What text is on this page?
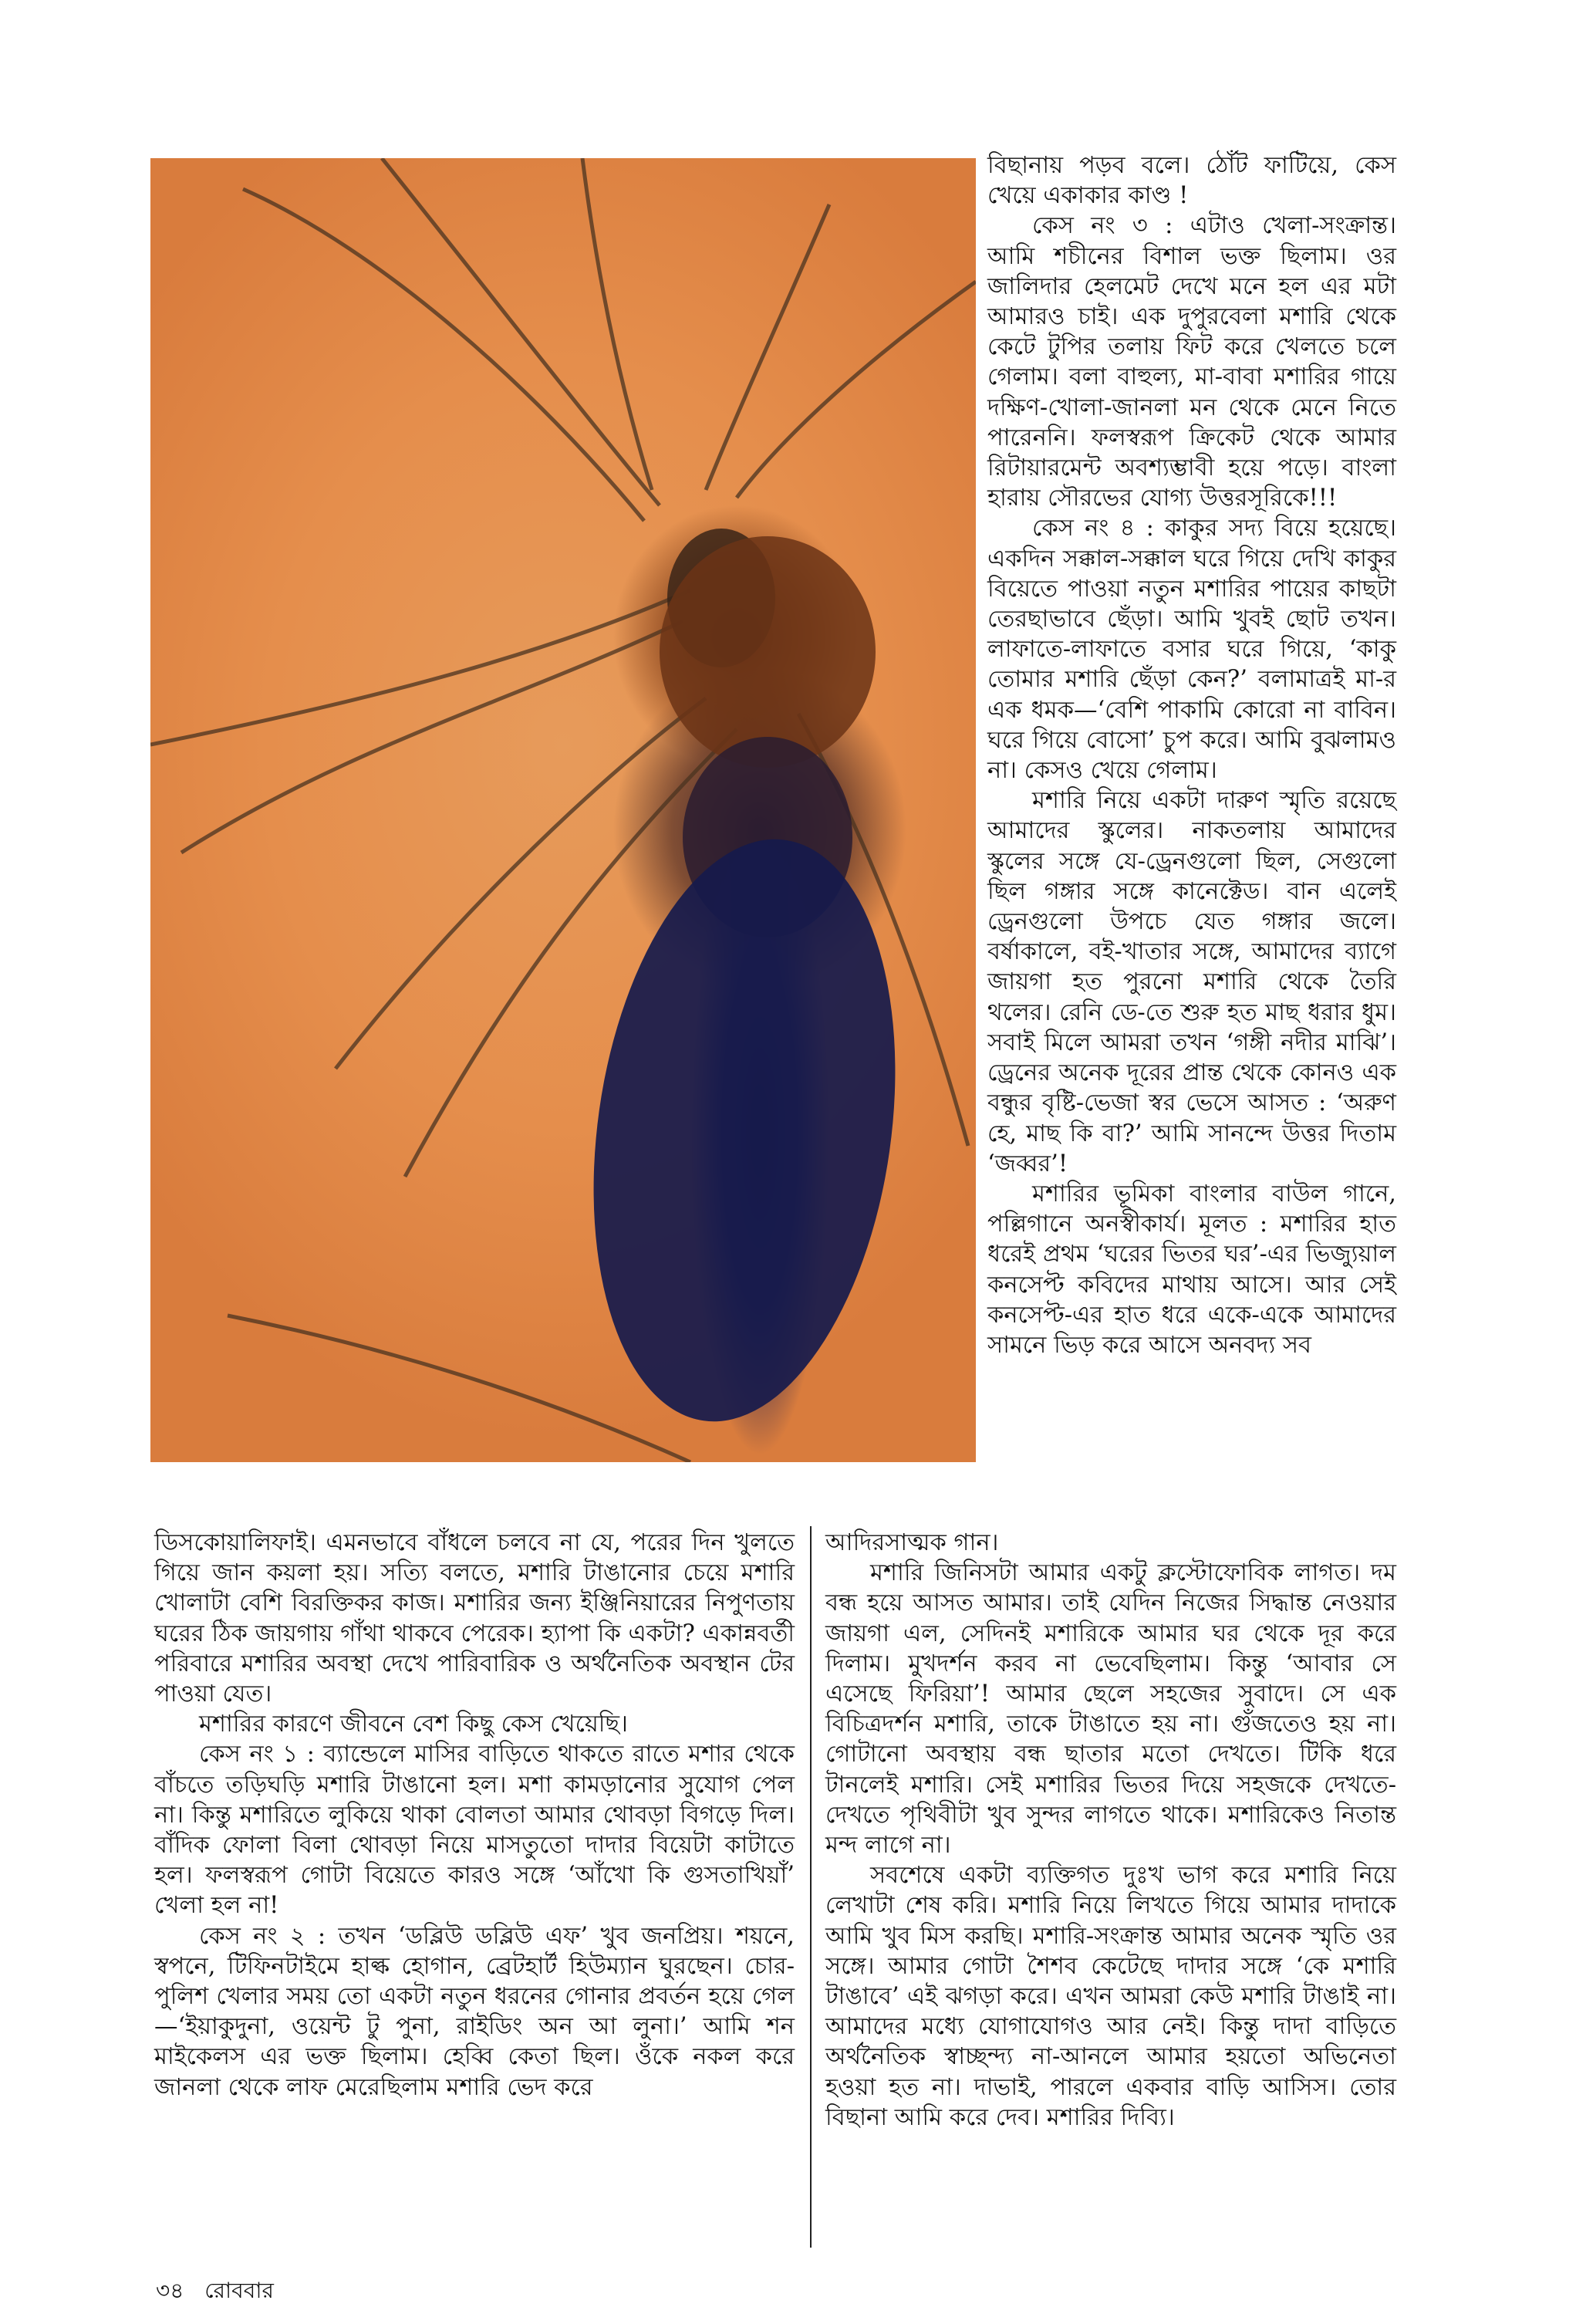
বিছানায় পড়ব বলে। ঠোঁট ফাটিয়ে, কেস খেয়ে একাকার কাণ্ড !

কেস নং ৩ : এটাও খেলা-সংক্রান্ত। আমি শচীনের বিশাল ভক্ত ছিলাম। ওর জালিদার হেলমেট দেখে মনে হল এর মটা আমারও চাই। এক দুপুরবেলা মশারি থেকে কেটে টুপির তলায় ফিট করে খেলতে চলে গেলাম। বলা বাহুল্য, মা-বাবা মশারির গায়ে দক্ষিণ-খোলা-জানলা মন থেকে মেনে নিতে পারেননি। ফলস্বরূপ ক্রিকেট থেকে আমার রিটায়ারমেন্ট অবশ্যম্ভাবী হয়ে পড়ে। বাংলা হারায় সৌরভের যোগ্য উত্তরসূরিকে!!!

কেস নং ৪ : কাকুর সদ্য বিয়ে হয়েছে। একদিন সক্কাল-সক্কাল ঘরে গিয়ে দেখি কাকুর বিয়েতে পাওয়া নতুন মশারির পায়ের কাছটা তেরছাভাবে ছেঁড়া। আমি খুবই ছোট তখন। লাফাতে-লাফাতে বসার ঘরে গিয়ে, ‘কাকু তোমার মশারি ছেঁড়া কেন?’ বলামাত্রই মা-র এক ধমক—‘বেশি পাকামি কোরো না বাবিন। ঘরে গিয়ে বোসো’ চুপ করে। আমি বুঝলামও না। কেসও খেয়ে গেলাম।

মশারি নিয়ে একটা দারুণ স্মৃতি রয়েছে আমাদের স্কুলের। নাকতলায় আমাদের স্কুলের সঙ্গে যে-ড্রেনগুলো ছিল, সেগুলো ছিল গঙ্গার সঙ্গে কানেক্টেড। বান এলেই ড্রেনগুলো উপচে যেত গঙ্গার জলে। বর্ষাকালে, বই-খাতার সঙ্গে, আমাদের ব্যাগে জায়গা হত পুরনো মশারি থেকে তৈরি থলের। রেনি ডে-তে শুরু হত মাছ ধরার ধুম। সবাই মিলে আমরা তখন ‘গঙ্গী নদীর মাঝি’। ড্রেনের অনেক দূরের প্রান্ত থেকে কোনও এক বন্ধুর বৃষ্টি-ভেজা স্বর ভেসে আসত : ‘অরুণ হে, মাছ কি বা?’ আমি সানন্দে উত্তর দিতাম ‘জব্বর’!

মশারির ভূমিকা বাংলার বাউল গানে, পল্লিগানে অনস্বীকার্য। মূলত : মশারির হাত ধরেই প্রথম ‘ঘরের ভিতর ঘর’-এর ভিজ্যুয়াল কনসেপ্ট কবিদের মাথায় আসে। আর সেই কনসেপ্ট-এর হাত ধরে একে-একে আমাদের সামনে ভিড় করে আসে অনবদ্য সব

ডিসকোয়ালিফাই। এমনভাবে বাঁধলে চলবে না যে, পরের দিন খুলতে গিয়ে জান কয়লা হয়। সত্যি বলতে, মশারি টাঙানোর চেয়ে মশারি খোলাটা বেশি বিরক্তিকর কাজ। মশারির জন্য ইঞ্জিনিয়ারের নিপুণতায় ঘরের ঠিক জায়গায় গাঁথা থাকবে পেরেক। হ্যাপা কি একটা? একান্নবর্তী পরিবারে মশারির অবস্থা দেখে পারিবারিক ও অর্থনৈতিক অবস্থান টের পাওয়া যেত।

মশারির কারণে জীবনে বেশ কিছু কেস খেয়েছি।

কেস নং ১ : ব্যান্ডেলে মাসির বাড়িতে থাকতে রাতে মশার থেকে বাঁচতে তড়িঘড়ি মশারি টাঙানো হল। মশা কামড়ানোর সুযোগ পেল না। কিন্তু মশারিতে লুকিয়ে থাকা বোলতা আমার থোবড়া বিগড়ে দিল। বাঁদিক ফোলা বিলা থোবড়া নিয়ে মাসতুতো দাদার বিয়েটা কাটাতে হল। ফলস্বরূপ গোটা বিয়েতে কারও সঙ্গে ‘আঁখো কি গুসতাখিয়াঁ’ খেলা হল না!

কেস নং ২ : তখন ‘ডব্লিউ ডব্লিউ এফ’ খুব জনপ্রিয়। শয়নে, স্বপনে, টিফিনটাইমে হাল্ক হোগান, ব্রেটহার্ট হিউম্যান ঘুরছেন। চোর-পুলিশ খেলার সময় তো একটা নতুন ধরনের গোনার প্রবর্তন হয়ে গেল—‘ইয়াকুদুনা, ওয়েন্ট টু পুনা, রাইডিং অন আ লুনা।’ আমি শন মাইকেলস এর ভক্ত ছিলাম। হেব্বি কেতা ছিল। ওঁকে নকল করে জানলা থেকে লাফ মেরেছিলাম মশারি ভেদ করে

আদিরসাত্মক গান।

মশারি জিনিসটা আমার একটু ক্লস্টোফোবিক লাগত। দম বন্ধ হয়ে আসত আমার। তাই যেদিন নিজের সিদ্ধান্ত নেওয়ার জায়গা এল, সেদিনই মশারিকে আমার ঘর থেকে দূর করে দিলাম। মুখদর্শন করব না ভেবেছিলাম। কিন্তু ‘আবার সে এসেছে ফিরিয়া’! আমার ছেলে সহজের সুবাদে। সে এক বিচিত্রদর্শন মশারি, তাকে টাঙাতে হয় না। গুঁজতেও হয় না। গোটানো অবস্থায় বন্ধ ছাতার মতো দেখতে। টিকি ধরে টানলেই মশারি। সেই মশারির ভিতর দিয়ে সহজকে দেখতে-দেখতে পৃথিবীটা খুব সুন্দর লাগতে থাকে। মশারিকেও নিতান্ত মন্দ লাগে না।

সবশেষে একটা ব্যক্তিগত দুঃখ ভাগ করে মশারি নিয়ে লেখাটা শেষ করি। মশারি নিয়ে লিখতে গিয়ে আমার দাদাকে আমি খুব মিস করছি। মশারি-সংক্রান্ত আমার অনেক স্মৃতি ওর সঙ্গে। আমার গোটা শৈশব কেটেছে দাদার সঙ্গে ‘কে মশারি টাঙাবে’ এই ঝগড়া করে। এখন আমরা কেউ মশারি টাঙাই না। আমাদের মধ্যে যোগাযোগও আর নেই। কিন্তু দাদা বাড়িতে অর্থনৈতিক স্বাচ্ছন্দ্য না-আনলে আমার হয়তো অভিনেতা হওয়া হত না। দাভাই, পারলে একবার বাড়ি আসিস। তোর বিছানা আমি করে দেব। মশারির দিব্যি।

৩৪ রোববার
